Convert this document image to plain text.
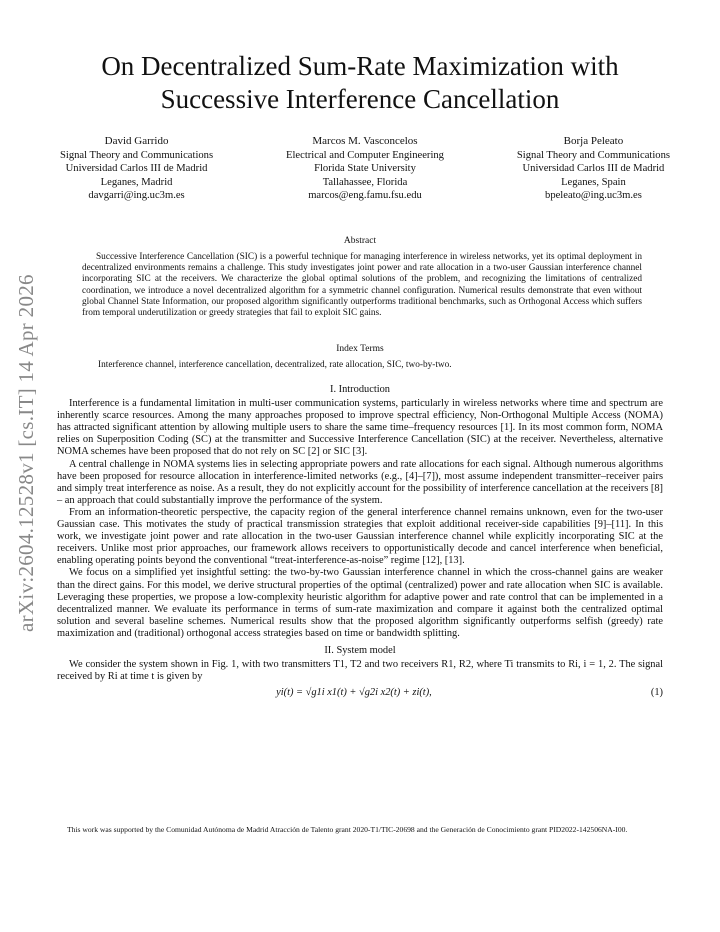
arXiv:2604.12528v1 [cs.IT] 14 Apr 2026
On Decentralized Sum-Rate Maximization with
Successive Interference Cancellation
David Garrido
Signal Theory and Communications
Universidad Carlos III de Madrid
Leganes, Madrid
davgarri@ing.uc3m.es
Marcos M. Vasconcelos
Electrical and Computer Engineering
Florida State University
Tallahassee, Florida
marcos@eng.famu.fsu.edu
Borja Peleato
Signal Theory and Communications
Universidad Carlos III de Madrid
Leganes, Spain
bpeleato@ing.uc3m.es
Abstract
Successive Interference Cancellation (SIC) is a powerful technique for managing interference in wireless networks, yet its optimal deployment in decentralized environments remains a challenge. This study investigates joint power and rate allocation in a two-user Gaussian interference channel incorporating SIC at the receivers. We characterize the global optimal solutions of the problem, and recognizing the limitations of centralized coordination, we introduce a novel decentralized algorithm for a symmetric channel configuration. Numerical results demonstrate that even without global Channel State Information, our proposed algorithm significantly outperforms traditional benchmarks, such as Orthogonal Access which suffers from temporal underutilization or greedy strategies that fail to exploit SIC gains.
Index Terms
Interference channel, interference cancellation, decentralized, rate allocation, SIC, two-by-two.
I. Introduction

Interference is a fundamental limitation in multi-user communication systems, particularly in wireless networks where time and spectrum are inherently scarce resources. Among the many approaches proposed to improve spectral efficiency, Non-Orthogonal Multiple Access (NOMA) has attracted significant attention by allowing multiple users to share the same time–frequency resources [1]. In its most common form, NOMA relies on Superposition Coding (SC) at the transmitter and Successive Interference Cancellation (SIC) at the receiver. Nevertheless, alternative NOMA schemes have been proposed that do not rely on SC [2] or SIC [3].

A central challenge in NOMA systems lies in selecting appropriate powers and rate allocations for each signal. Although numerous algorithms have been proposed for resource allocation in interference-limited networks (e.g., [4]–[7]), most assume independent transmitter–receiver pairs and simply treat interference as noise. As a result, they do not explicitly account for the possibility of interference cancellation at the receivers [8] – an approach that could substantially improve the performance of the system.

From an information-theoretic perspective, the capacity region of the general interference channel remains unknown, even for the two-user Gaussian case. This motivates the study of practical transmission strategies that exploit additional receiver-side capabilities [9]–[11]. In this work, we investigate joint power and rate allocation in the two-user Gaussian interference channel while explicitly incorporating SIC at the receivers. Unlike most prior approaches, our framework allows receivers to opportunistically decode and cancel interference when beneficial, enabling operating points beyond the conventional “treat-interference-as-noise” regime [12], [13].

We focus on a simplified yet insightful setting: the two-by-two Gaussian interference channel in which the cross-channel gains are weaker than the direct gains. For this model, we derive structural properties of the optimal (centralized) power and rate allocation when SIC is available. Leveraging these properties, we propose a low-complexity heuristic algorithm for adaptive power and rate control that can be implemented in a decentralized manner. We evaluate its performance in terms of sum-rate maximization and compare it against both the centralized optimal solution and several baseline schemes. Numerical results show that the proposed algorithm significantly outperforms selfish (greedy) rate maximization and (traditional) orthogonal access strategies based on time or bandwidth splitting.

II. System model

We consider the system shown in Fig. 1, with two transmitters T1, T2 and two receivers R1, R2, where Ti transmits to Ri, i = 1, 2. The signal received by Ri at time t is given by

yi(t) = √g1i x1(t) + √g2i x2(t) + zi(t),	(1)
This work was supported by the Comunidad Autónoma de Madrid Atracción de Talento grant 2020-T1/TIC-20698 and the Generación de Conocimiento grant PID2022-142506NA-I00.
